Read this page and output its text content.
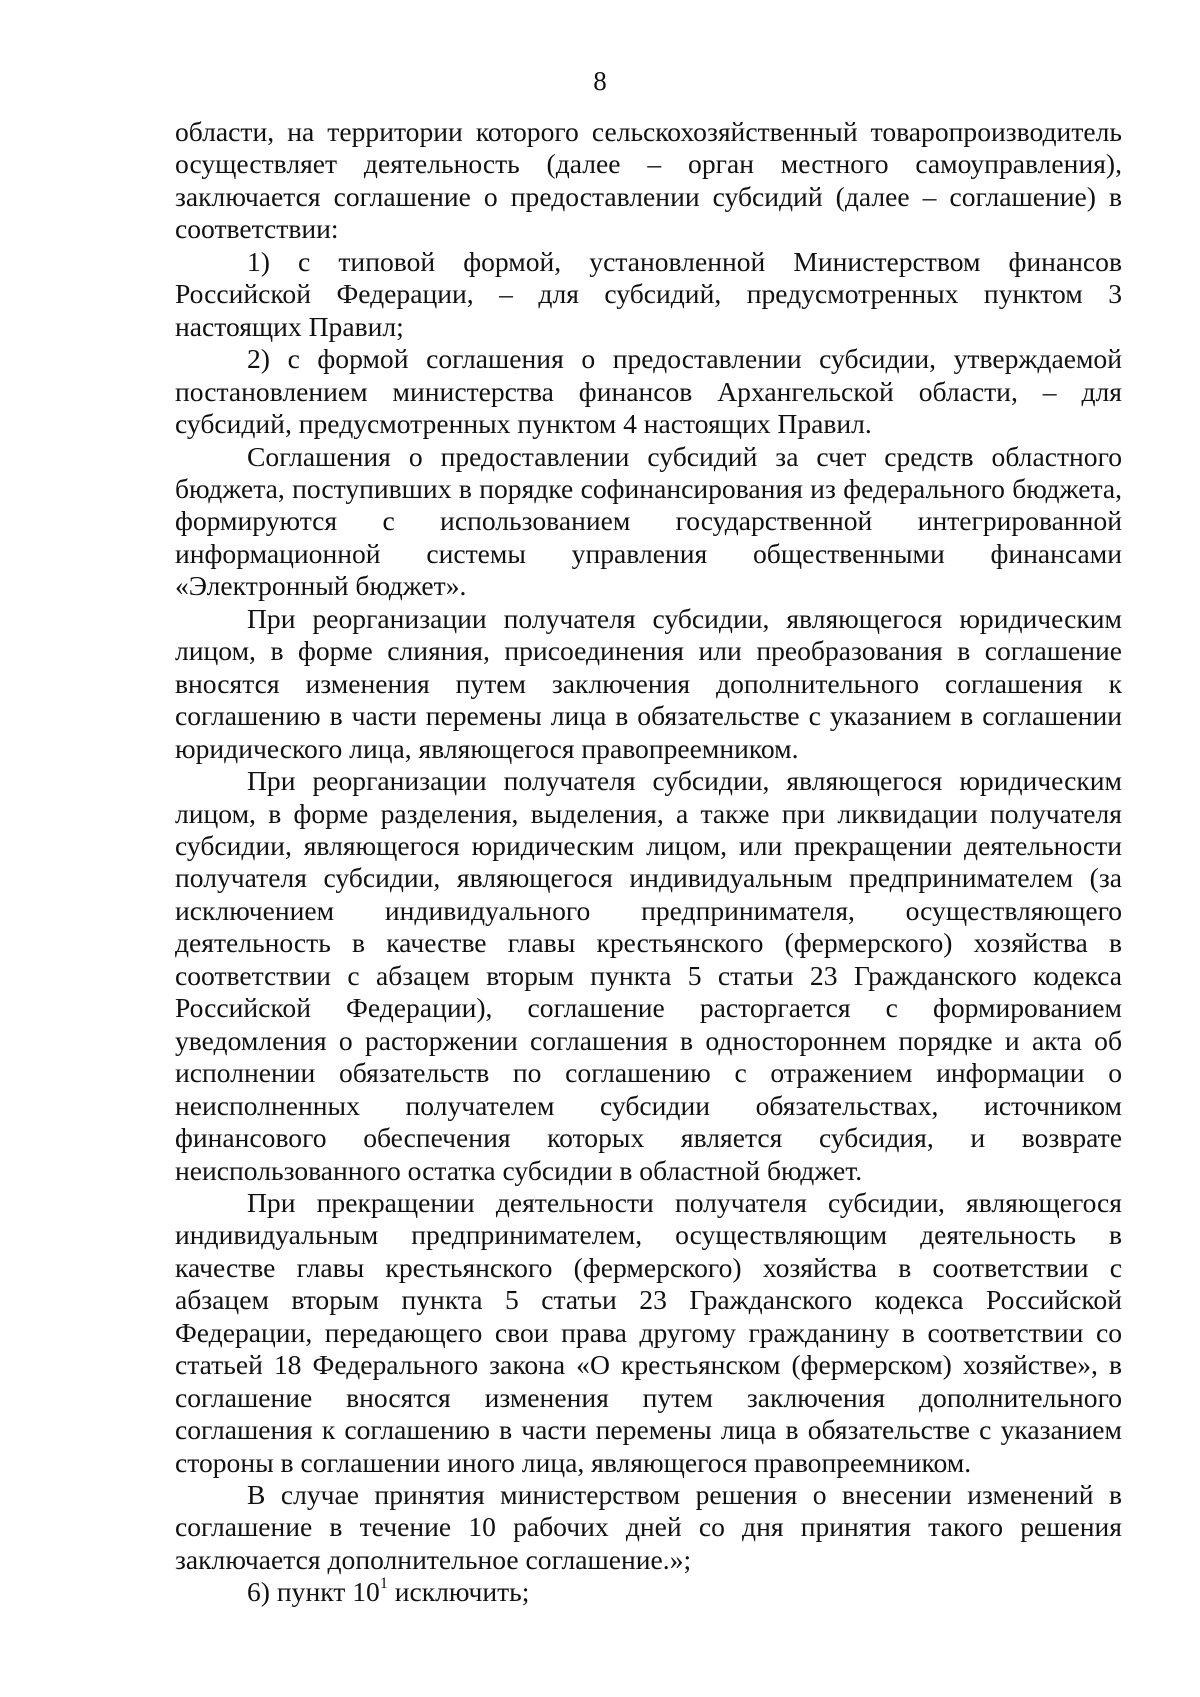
8

области, на территории которого сельскохозяйственный товаропроизводитель осуществляет деятельность (далее – орган местного самоуправления), заключается соглашение о предоставлении субсидий (далее – соглашение) в соответствии:

1) с типовой формой, установленной Министерством финансов Российской Федерации, – для субсидий, предусмотренных пунктом 3 настоящих Правил;

2) с формой соглашения о предоставлении субсидии, утверждаемой постановлением министерства финансов Архангельской области, – для субсидий, предусмотренных пунктом 4 настоящих Правил.

Соглашения о предоставлении субсидий за счет средств областного бюджета, поступивших в порядке софинансирования из федерального бюджета, формируются с использованием государственной интегрированной информационной системы управления общественными финансами «Электронный бюджет».

При реорганизации получателя субсидии, являющегося юридическим лицом, в форме слияния, присоединения или преобразования в соглашение вносятся изменения путем заключения дополнительного соглашения к соглашению в части перемены лица в обязательстве с указанием в соглашении юридического лица, являющегося правопреемником.

При реорганизации получателя субсидии, являющегося юридическим лицом, в форме разделения, выделения, а также при ликвидации получателя субсидии, являющегося юридическим лицом, или прекращении деятельности получателя субсидии, являющегося индивидуальным предпринимателем (за исключением индивидуального предпринимателя, осуществляющего деятельность в качестве главы крестьянского (фермерского) хозяйства в соответствии с абзацем вторым пункта 5 статьи 23 Гражданского кодекса Российской Федерации), соглашение расторгается с формированием уведомления о расторжении соглашения в одностороннем порядке и акта об исполнении обязательств по соглашению с отражением информации о неисполненных получателем субсидии обязательствах, источником финансового обеспечения которых является субсидия, и возврате неиспользованного остатка субсидии в областной бюджет.

При прекращении деятельности получателя субсидии, являющегося индивидуальным предпринимателем, осуществляющим деятельность в качестве главы крестьянского (фермерского) хозяйства в соответствии с абзацем вторым пункта 5 статьи 23 Гражданского кодекса Российской Федерации, передающего свои права другому гражданину в соответствии со статьей 18 Федерального закона «О крестьянском (фермерском) хозяйстве», в соглашение вносятся изменения путем заключения дополнительного соглашения к соглашению в части перемены лица в обязательстве с указанием стороны в соглашении иного лица, являющегося правопреемником.

В случае принятия министерством решения о внесении изменений в соглашение в течение 10 рабочих дней со дня принятия такого решения заключается дополнительное соглашение.»;

6) пункт $10^1$ исключить;
